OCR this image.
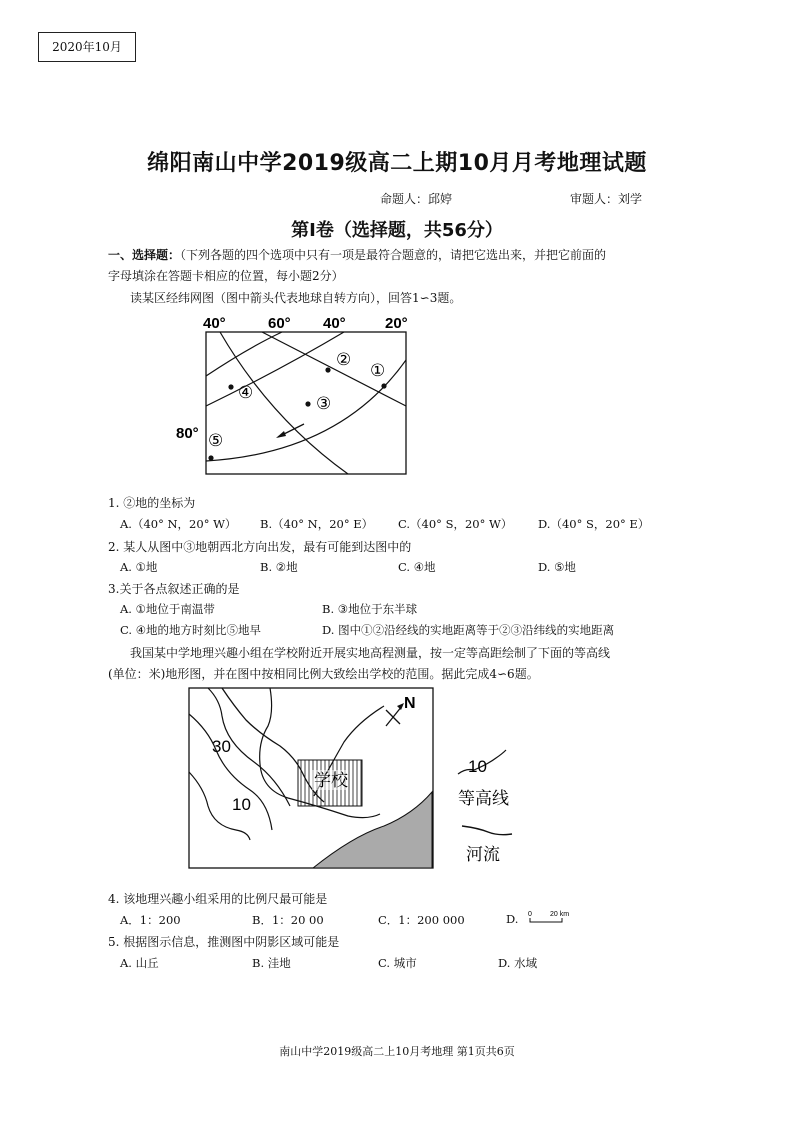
2020年10月
绵阳南山中学2019级高二上期10月月考地理试题
命题人：邱婷	审题人：刘学
第Ⅰ卷（选择题，共56分）
一、选择题：（下列各题的四个选项中只有一项是最符合题意的，请把它选出来，并把它前面的
字母填涂在答题卡相应的位置，每小题2分）
读某区经纬网图（图中箭头代表地球自转方向），回答1∽3题。
40°	60° 40°	20°
80°
②
①
③
④
⑤
1. ②地的坐标为
A.（40° N，20° W） B.（40° N，20° E） C.（40° S，20° W） D.（40° S，20° E）
2. 某人从图中③地朝西北方向出发，最有可能到达图中的
A. ①地	B. ②地	C. ④地	D. ⑤地
3.关于各点叙述正确的是
A. ①地位于南温带	B. ③地位于东半球
C. ④地的地方时刻比⑤地早	D. 图中①②沿经线的实地距离等于②③沿纬线的实地距离
我国某中学地理兴趣小组在学校附近开展实地高程测量，按一定等高距绘制了下面的等高线
(单位：米)地形图，并在图中按相同比例大致绘出学校的范围。据此完成4∽6题。
学校
30
10
N
10
等高线
河流
4. 该地理兴趣小组采用的比例尺最可能是
A．1：200	B．1：20 00	C．1：200 000	D. 0	20 km
5. 根据图示信息，推测图中阴影区域可能是
A. 山丘	B. 洼地	C. 城市	D. 水域
南山中学2019级高二上10月考地理 第1页共6页
